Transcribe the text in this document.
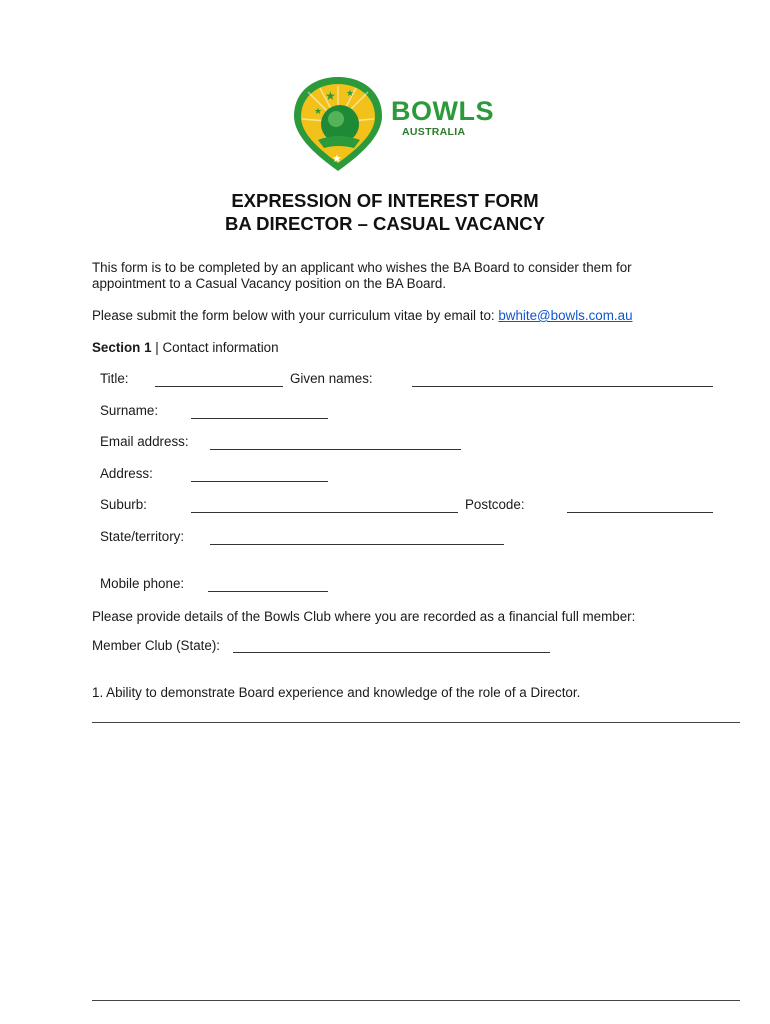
★
★
★
★
BOWLS
AUSTRALIA
EXPRESSION OF INTEREST FORM
BA DIRECTOR – CASUAL VACANCY
This form is to be completed by an applicant who wishes the BA Board to consider them for
appointment to a Casual Vacancy position on the BA Board.
Please submit the form below with your curriculum vitae by email to: bwhite@bowls.com.au
Section 1 | Contact information
Title:	Given names:
Surname:
Email address:
Address:
Suburb:	Postcode:
State/territory:
Mobile phone:
Please provide details of the Bowls Club where you are recorded as a financial full member:
Member Club (State):
1. Ability to demonstrate Board experience and knowledge of the role of a Director.
